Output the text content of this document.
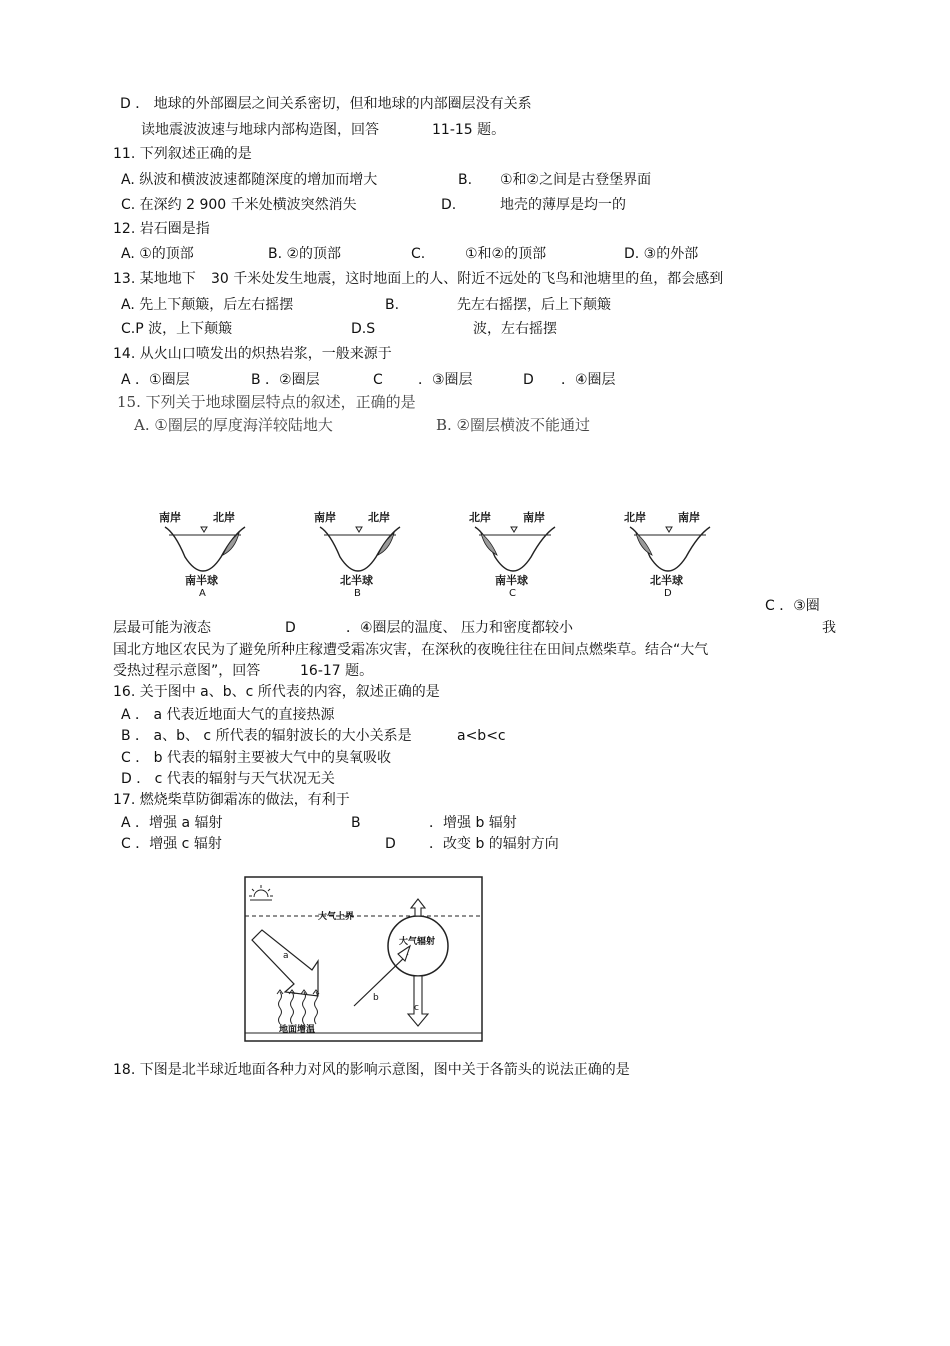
D ． 地球的外部圈层之间关系密切，但和地球的内部圈层没有关系
读地震波波速与地球内部构造图，回答	11-15 题。
11. 下列叙述正确的是
A. 纵波和横波波速都随深度的增加而增大	B. ①和②之间是古登堡界面
C. 在深约 2 900 千米处横波突然消失	D.	地壳的薄厚是均一的
12. 岩石圈是指
A. ①的顶部	B. ②的顶部	C.	①和②的顶部	D. ③的外部
13. 某地地下 30 千米处发生地震，这时地面上的人、附近不远处的飞鸟和池塘里的鱼，都会感到
A. 先上下颠簸，后左右摇摆	B.	先左右摇摆，后上下颠簸
C.P 波，上下颠簸	D.S	波，左右摇摆
14. 从火山口喷发出的炽热岩浆，一般来源于
A ．①圈层	B ．②圈层	C	．③圈层	D ．④圈层
15. 下列关于地球圈层特点的叙述，正确的是
A. ①圈层的厚度海洋较陆地大	B. ②圈层横波不能通过
南岸	北岸
南半球
A
南岸	北岸
北半球
B
北岸	南岸
南半球
C
北岸	南岸
北半球
D
C ．③圈
层最可能为液态	D	．④圈层的温度、 压力和密度都较小	我
国北方地区农民为了避免所种庄稼遭受霜冻灾害，在深秋的夜晚往往在田间点燃柴草。结合“大气
受热过程示意图”，回答	16-17 题。
16. 关于图中 a、b、c 所代表的内容，叙述正确的是
A ． a 代表近地面大气的直接热源
B ． a、b、 c 所代表的辐射波长的大小关系是	a<b<c
C ． b 代表的辐射主要被大气中的臭氧吸收
D ． c 代表的辐射与天气状况无关
17. 燃烧柴草防御霜冻的做法，有利于
A ．增强 a 辐射	B	．增强 b 辐射
C ．增强 c 辐射	D ．改变 b 的辐射方向
大气上界
a
地面增温
大气辐射
b
c
18. 下图是北半球近地面各种力对风的影响示意图，图中关于各箭头的说法正确的是
